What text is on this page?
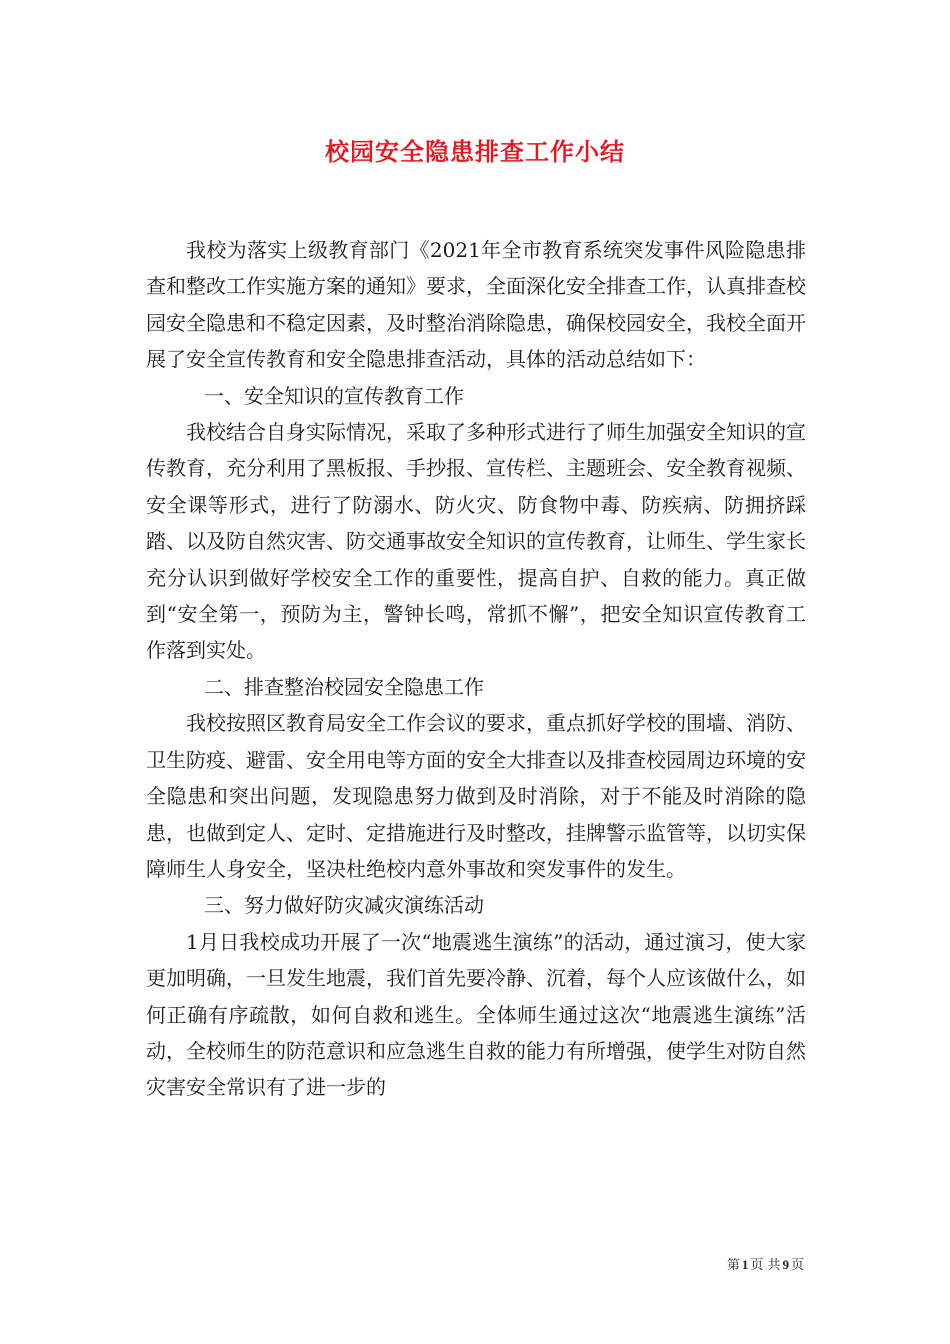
校园安全隐患排查工作小结

我校为落实上级教育部门《2021年全市教育系统突发事件风险隐患排查和整改工作实施方案的通知》要求，全面深化安全排查工作，认真排查校园安全隐患和不稳定因素，及时整治消除隐患，确保校园安全，我校全面开展了安全宣传教育和安全隐患排查活动，具体的活动总结如下：

一、安全知识的宣传教育工作

我校结合自身实际情况，采取了多种形式进行了师生加强安全知识的宣传教育，充分利用了黑板报、手抄报、宣传栏、主题班会、安全教育视频、安全课等形式，进行了防溺水、防火灾、防食物中毒、防疾病、防拥挤踩踏、以及防自然灾害、防交通事故安全知识的宣传教育，让师生、学生家长充分认识到做好学校安全工作的重要性，提高自护、自救的能力。真正做到“安全第一，预防为主，警钟长鸣，常抓不懈”，把安全知识宣传教育工作落到实处。

二、排查整治校园安全隐患工作

我校按照区教育局安全工作会议的要求，重点抓好学校的围墙、消防、卫生防疫、避雷、安全用电等方面的安全大排查以及排查校园周边环境的安全隐患和突出问题，发现隐患努力做到及时消除，对于不能及时消除的隐患，也做到定人、定时、定措施进行及时整改，挂牌警示监管等，以切实保障师生人身安全，坚决杜绝校内意外事故和突发事件的发生。

三、努力做好防灾减灾演练活动

1月日我校成功开展了一次“地震逃生演练”的活动，通过演习，使大家更加明确，一旦发生地震，我们首先要冷静、沉着，每个人应该做什么，如何正确有序疏散，如何自救和逃生。全体师生通过这次“地震逃生演练”活动，全校师生的防范意识和应急逃生自救的能力有所增强，使学生对防自然灾害安全常识有了进一步的

第 1 页 共 9 页
